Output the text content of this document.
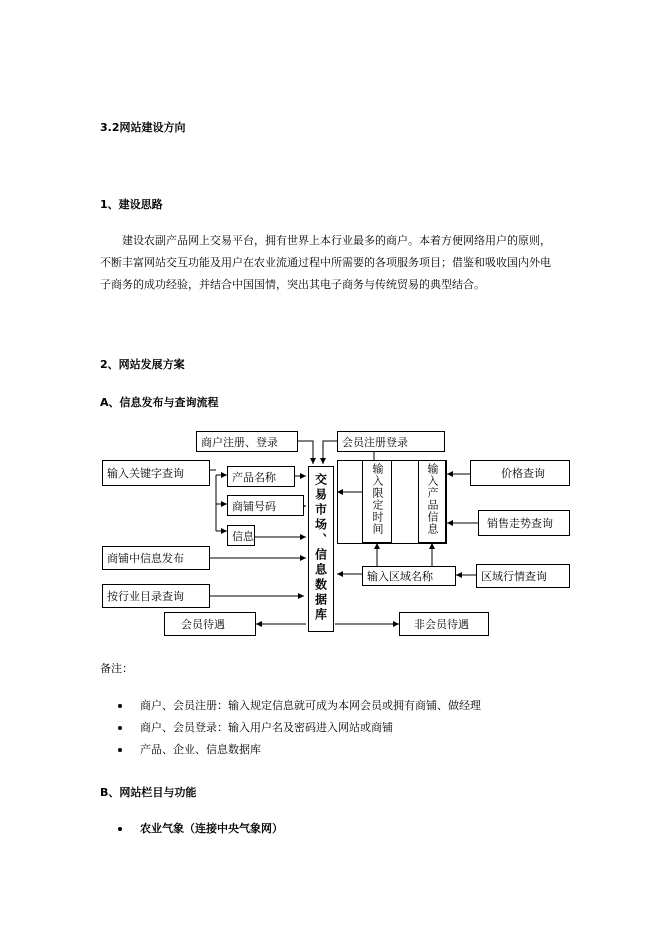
3.2网站建设方向
1、建设思路

建设农副产品网上交易平台，拥有世界上本行业最多的商户。本着方便网络用户的原则，不断丰富网站交互功能及用户在农业流通过程中所需要的各项服务项目；借鉴和吸收国内外电子商务的成功经验，并结合中国国情，突出其电子商务与传统贸易的典型结合。

2、网站发展方案
A、信息发布与查询流程
商户注册、登录	会员注册登录
输入关键字查询	产品名称
商铺号码
信息	交易市场、信息数据库	输入限定时间	输入产品信息	价格查询
销售走势查询
商铺中信息发布
按行业目录查询
输入区域名称	区域行情查询
会员待遇	非会员待遇
备注：
商户、会员注册：输入规定信息就可成为本网会员或拥有商铺、做经理
商户、会员登录：输入用户名及密码进入网站或商铺
产品、企业、信息数据库
B、网站栏目与功能
农业气象（连接中央气象网）
